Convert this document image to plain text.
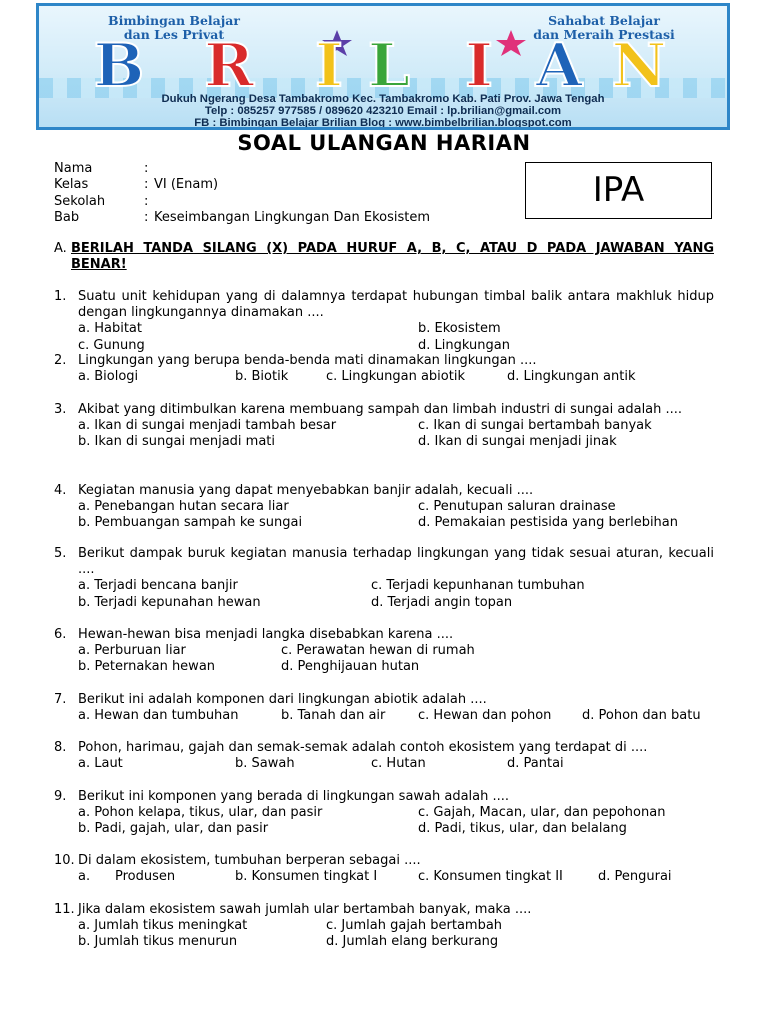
Bimbingan Belajar
dan Les Privat
Sahabat Belajar
dan Meraih Prestasi
B R I L I A N
Dukuh Ngerang Desa Tambakromo Kec. Tambakromo Kab. Pati Prov. Jawa Tengah
Telp : 085257 977585 / 089620 423210 Email : lp.brilian@gmail.com
FB : Bimbingan Belajar Brilian Blog : www.bimbelbrilian.blogspot.com
SOAL ULANGAN HARIAN
Nama	:
Kelas	: VI (Enam)
Sekolah	:
Bab	: Keseimbangan Lingkungan Dan Ekosistem
IPA
A. BERILAH TANDA SILANG (X) PADA HURUF A, B, C, ATAU D PADA JAWABAN YANG
BENAR!
1. Suatu unit kehidupan yang di dalamnya terdapat hubungan timbal balik antara makhluk hidup dengan lingkungannya dinamakan ....
a. Habitat	b. Ekosistem
c. Gunung	d. Lingkungan
2. Lingkungan yang berupa benda-benda mati dinamakan lingkungan ....
a. Biologi	b. Biotik	c. Lingkungan abiotik	d. Lingkungan antik
3. Akibat yang ditimbulkan karena membuang sampah dan limbah industri di sungai adalah ....
a. Ikan di sungai menjadi tambah besar	c. Ikan di sungai bertambah banyak
b. Ikan di sungai menjadi mati	d. Ikan di sungai menjadi jinak
4. Kegiatan manusia yang dapat menyebabkan banjir adalah, kecuali ....
a. Penebangan hutan secara liar	c. Penutupan saluran drainase
b. Pembuangan sampah ke sungai	d. Pemakaian pestisida yang berlebihan
5. Berikut dampak buruk kegiatan manusia terhadap lingkungan yang tidak sesuai aturan, kecuali ....
a. Terjadi bencana banjir	c. Terjadi kepunhanan tumbuhan
b. Terjadi kepunahan hewan	d. Terjadi angin topan
6. Hewan-hewan bisa menjadi langka disebabkan karena ....
a. Perburuan liar	c. Perawatan hewan di rumah
b. Peternakan hewan	d. Penghijauan hutan
7. Berikut ini adalah komponen dari lingkungan abiotik adalah ....
a. Hewan dan tumbuhan	b. Tanah dan air	c. Hewan dan pohon d. Pohon dan batu
8. Pohon, harimau, gajah dan semak-semak adalah contoh ekosistem yang terdapat di ....
a. Laut	b. Sawah	c. Hutan	d. Pantai
9. Berikut ini komponen yang berada di lingkungan sawah adalah ....
a. Pohon kelapa, tikus, ular, dan pasir	c. Gajah, Macan, ular, dan pepohonan
b. Padi, gajah, ular, dan pasir	d. Padi, tikus, ular, dan belalang
10. Di dalam ekosistem, tumbuhan berperan sebagai ....
a. Produsen	b. Konsumen tingkat I	c. Konsumen tingkat II	d. Pengurai
11. Jika dalam ekosistem sawah jumlah ular bertambah banyak, maka ....
a. Jumlah tikus meningkat	c. Jumlah gajah bertambah
b. Jumlah tikus menurun	d. Jumlah elang berkurang
